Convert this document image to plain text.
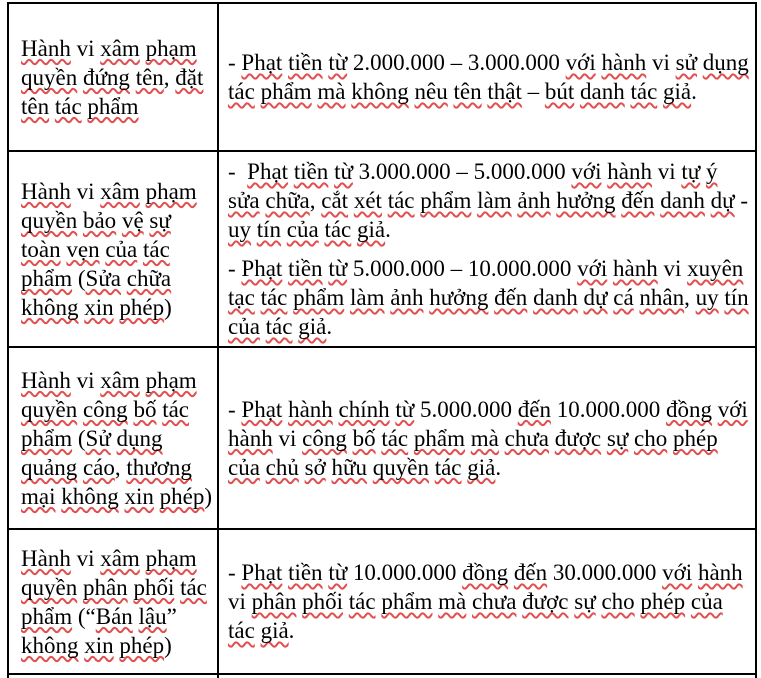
Hành vi xâm phạm quyền đứng tên, đặt tên tác phẩm	- Phạt tiền từ 2.000.000 – 3.000.000 với hành vi sử dụng tác phẩm mà không nêu tên thật – bút danh tác giả.

Hành vi xâm phạm quyền bảo vệ sự toàn vẹn của tác phẩm (Sửa chữa không xin phép)	- Phạt tiền từ 3.000.000 – 5.000.000 với hành vi tự ý sửa chữa, cắt xét tác phẩm làm ảnh hưởng đến danh dự - uy tín của tác giả.

- Phạt tiền từ 5.000.000 – 10.000.000 với hành vi xuyên tạc tác phẩm làm ảnh hưởng đến danh dự cá nhân, uy tín của tác giả.

Hành vi xâm phạm quyền công bố tác phẩm (Sử dụng quảng cáo, thương mại không xin phép)	- Phạt hành chính từ 5.000.000 đến 10.000.000 đồng với hành vi công bố tác phẩm mà chưa được sự cho phép của chủ sở hữu quyền tác giả.

Hành vi xâm phạm quyền phân phối tác phẩm (“Bán lậu” không xin phép)	- Phạt tiền từ 10.000.000 đồng đến 30.000.000 với hành vi phân phối tác phẩm mà chưa được sự cho phép của tác giả.
